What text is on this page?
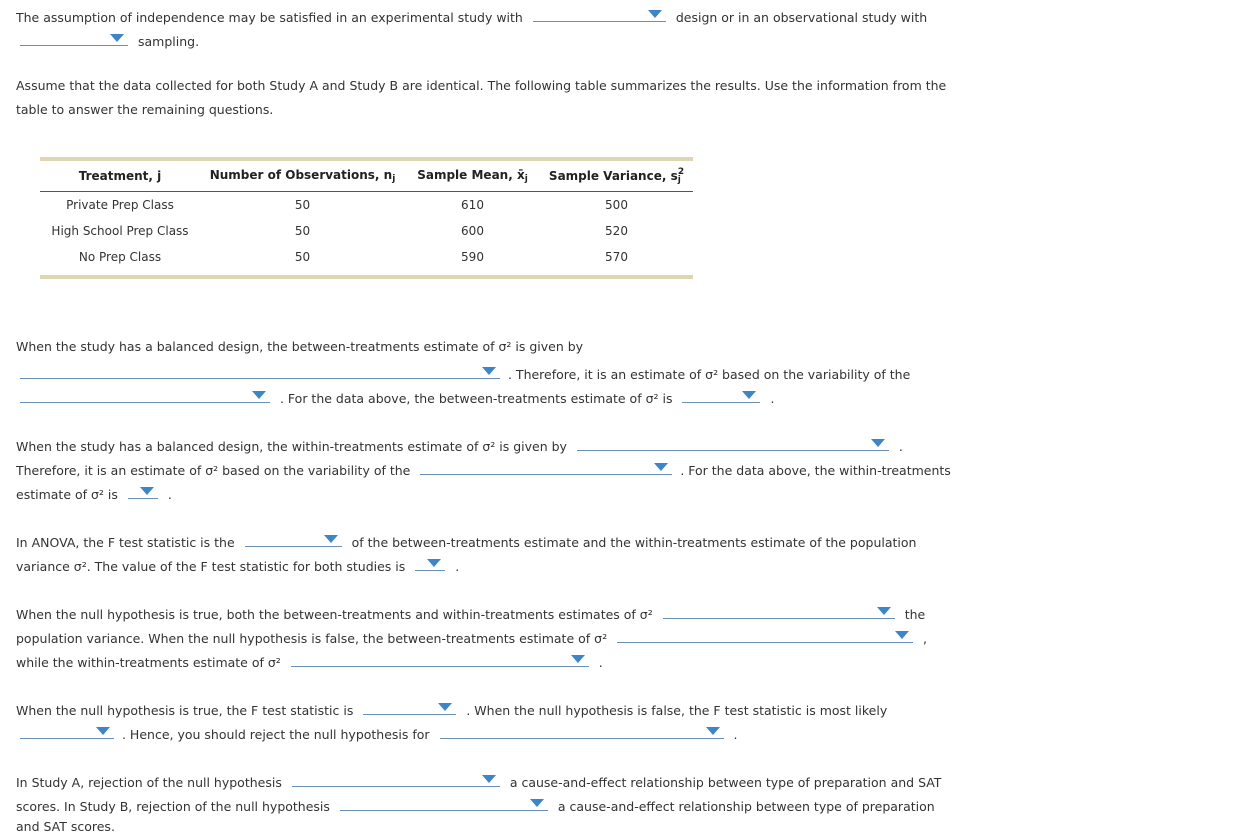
The assumption of independence may be satisfied in an experimental study with	design or in an observational study with
sampling.
Assume that the data collected for both Study A and Study B are identical. The following table summarizes the results. Use the information from the
table to answer the remaining questions.
Treatment, j	Number of Observations, $n_j$	Sample Mean, $x̄_j$	Sample Variance, $s_j^2$
Private Prep Class	50	610	500
High School Prep Class	50	600	520
No Prep Class	50	590	570
When the study has a balanced design, the between-treatments estimate of σ² is given by
. Therefore, it is an estimate of σ² based on the variability of the
. For the data above, the between-treatments estimate of σ² is	.
When the study has a balanced design, the within-treatments estimate of σ² is given by	.
Therefore, it is an estimate of σ² based on the variability of the	. For the data above, the within-treatments
estimate of σ² is	.
In ANOVA, the F test statistic is the	of the between-treatments estimate and the within-treatments estimate of the population
variance σ². The value of the F test statistic for both studies is	.
When the null hypothesis is true, both the between-treatments and within-treatments estimates of σ²	the
population variance. When the null hypothesis is false, the between-treatments estimate of σ²	,
while the within-treatments estimate of σ²	.
When the null hypothesis is true, the F test statistic is	. When the null hypothesis is false, the F test statistic is most likely
. Hence, you should reject the null hypothesis for	.
In Study A, rejection of the null hypothesis	a cause-and-effect relationship between type of preparation and SAT
scores. In Study B, rejection of the null hypothesis	a cause-and-effect relationship between type of preparation
and SAT scores.
